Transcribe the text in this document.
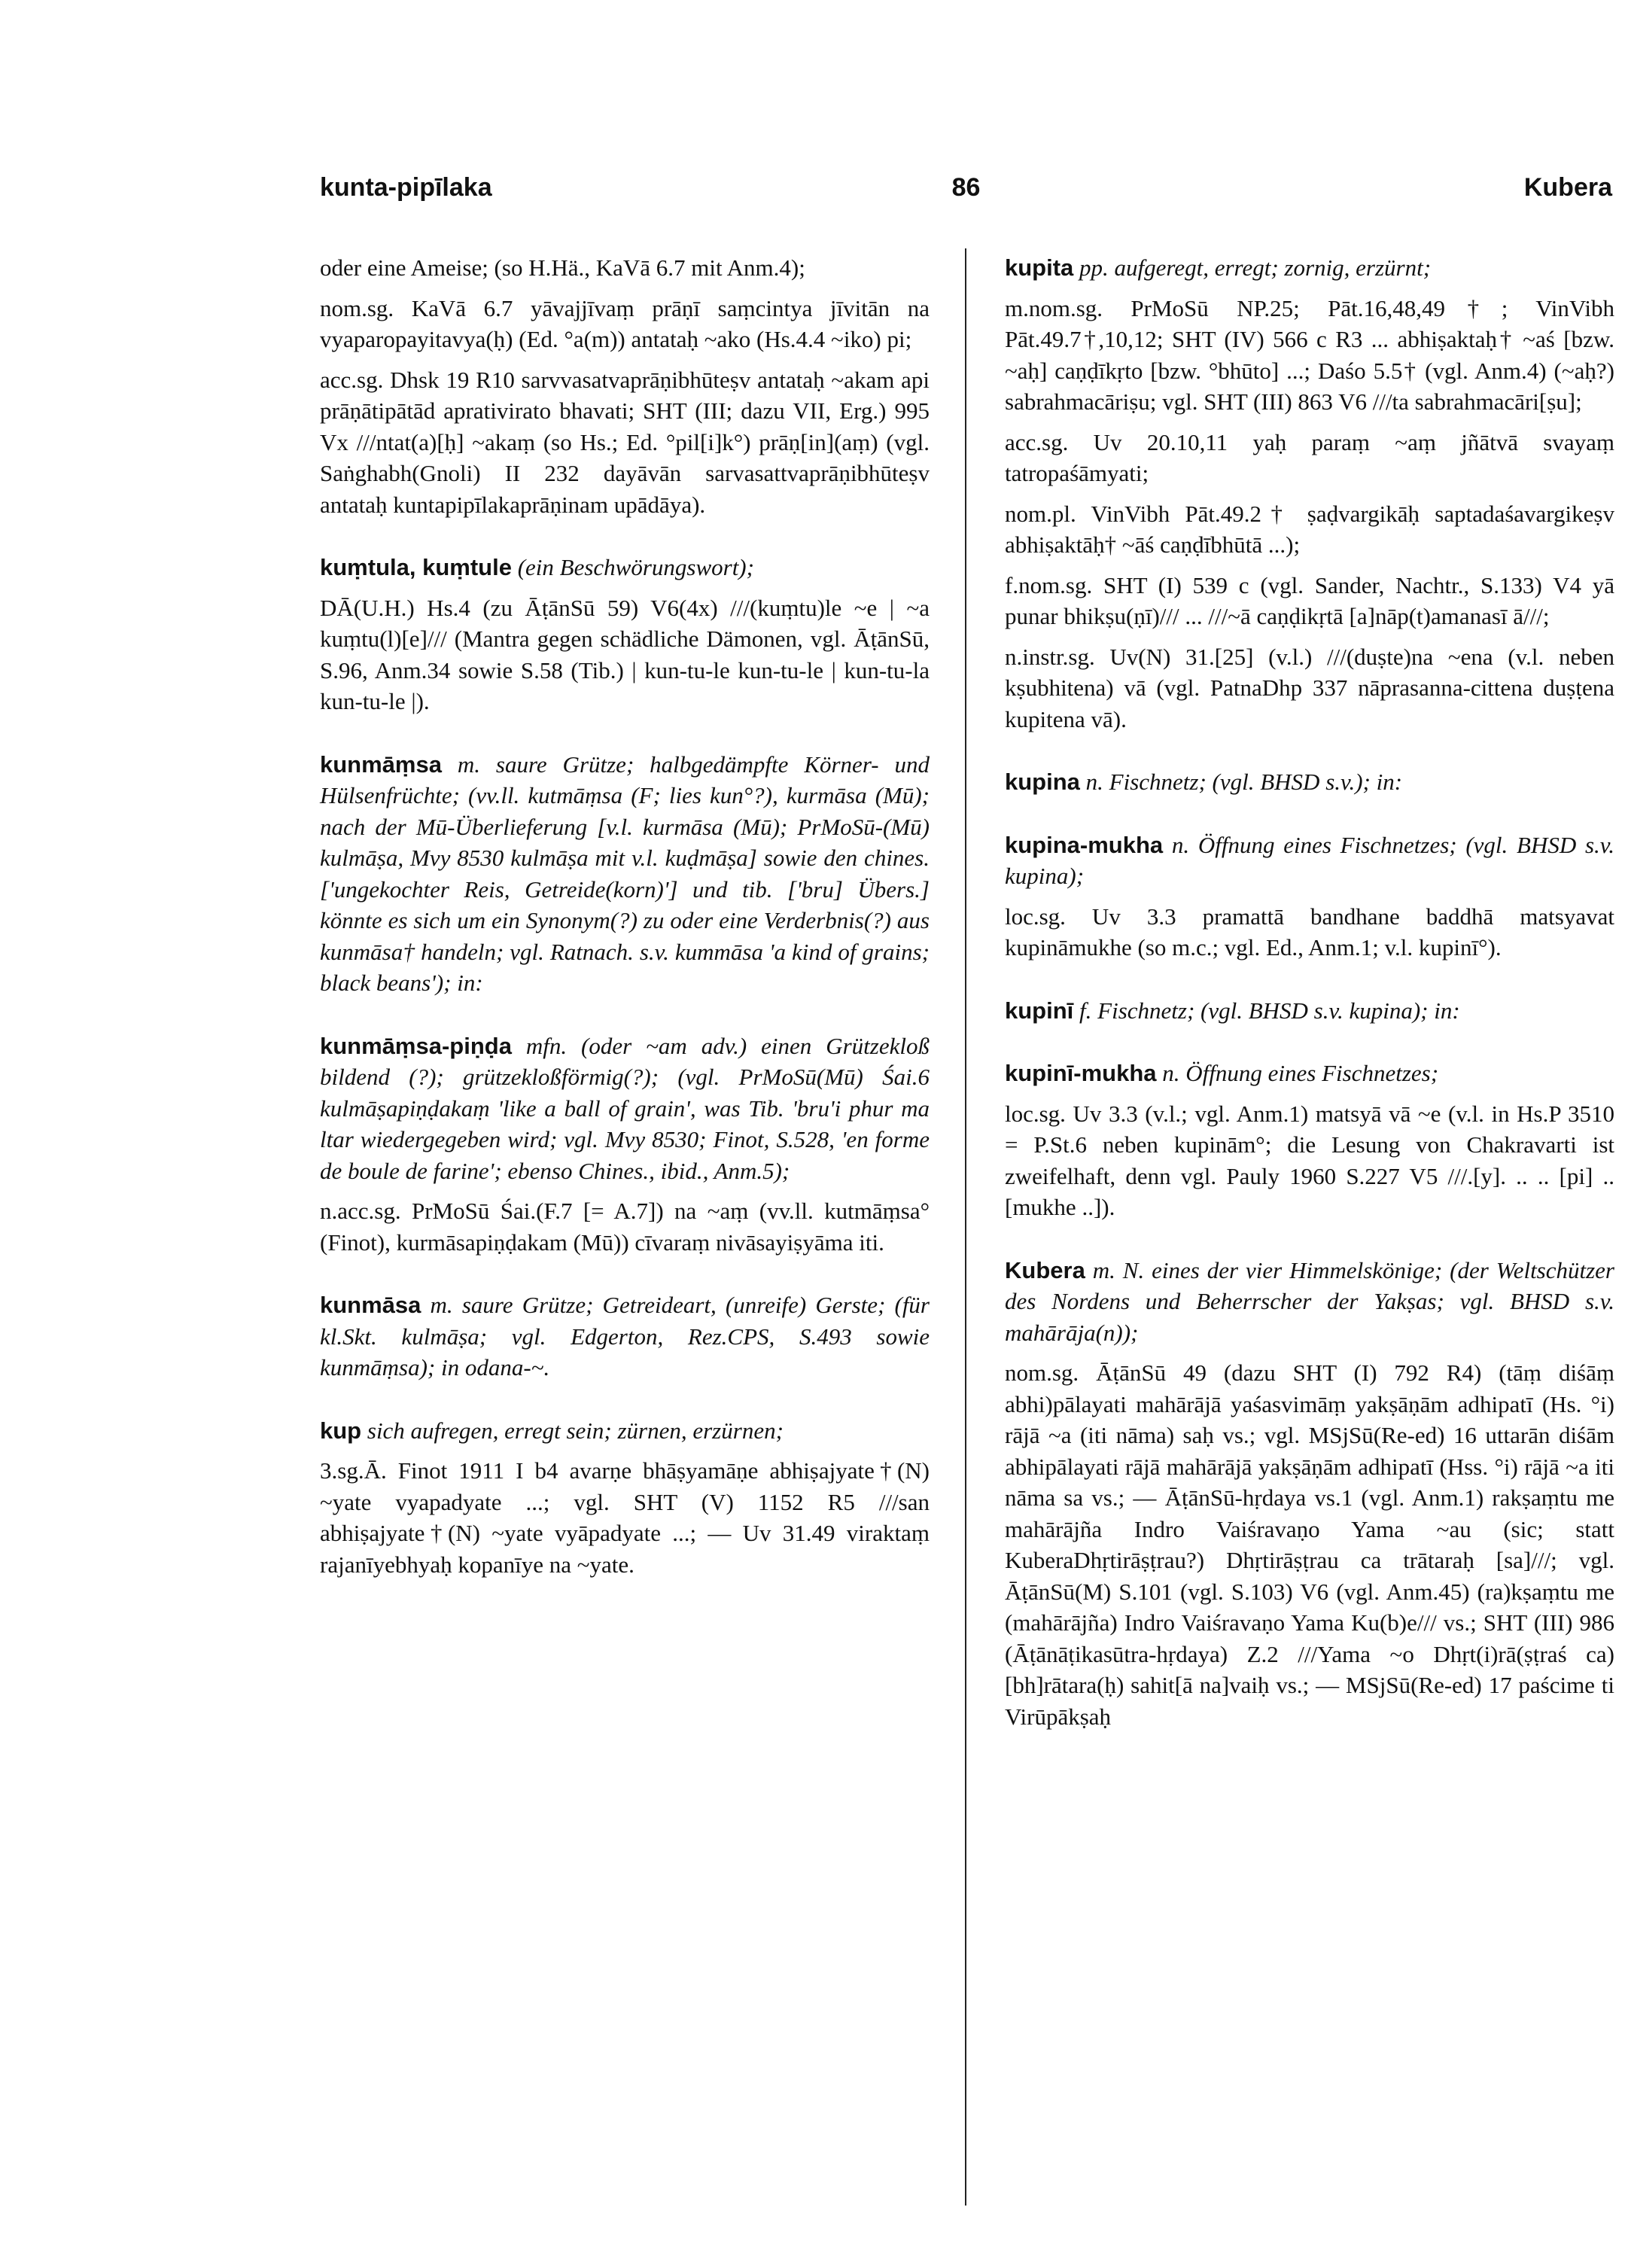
kunta-pipīlaka	86	Kubera

oder eine Ameise; (so H.Hä., KaVā 6.7 mit Anm.4);

nom.sg. KaVā 6.7 yāvajjīvaṃ prāṇī saṃcintya jīvitān na vyaparopayitavya(ḥ) (Ed. °a(m)) antataḥ ~ako (Hs.4.4 ~iko) pi;

acc.sg. Dhsk 19 R10 sarvvasatvaprāṇibhūteṣv antataḥ ~akam api prāṇātipātād aprativirato bhavati; SHT (III; dazu VII, Erg.) 995 Vx ///ntat(a)[ḥ] ~akaṃ (so Hs.; Ed. °pil[i]k°) prāṇ[in](aṃ) (vgl. Saṅghabh(Gnoli) II 232 dayāvān sarvasattvaprāṇibhūteṣv antataḥ kuntapipīlakaprāṇinam upādāya).

kuṃtula, kuṃtule (ein Beschwörungswort);

DĀ(U.H.) Hs.4 (zu ĀṭānSū 59) V6(4x) ///(kuṃtu)le ~e | ~a kuṃtu(l)[e]/// (Mantra gegen schädliche Dämonen, vgl. ĀṭānSū, S.96, Anm.34 sowie S.58 (Tib.) | kun-tu-le kun-tu-le | kun-tu-la kun-tu-le |).

kunmāṃsa m. saure Grütze; halbgedämpfte Körner- und Hülsenfrüchte; (vv.ll. kutmāṃsa (F; lies kun°?), kurmāsa (Mū); nach der Mū-Überlieferung [v.l. kurmāsa (Mū); PrMoSū-(Mū) kulmāṣa, Mvy 8530 kulmāṣa mit v.l. kuḍmāṣa] sowie den chines. ['ungekochter Reis, Getreide(korn)'] und tib. ['bru] Übers.] könnte es sich um ein Synonym(?) zu oder eine Verderbnis(?) aus kunmāsa† handeln; vgl. Ratnach. s.v. kummāsa 'a kind of grains; black beans'); in:

kunmāṃsa-piṇḍa mfn. (oder ~am adv.) einen Grützekloß bildend (?); grützekloßförmig(?); (vgl. PrMoSū(Mū) Śai.6 kulmāṣapiṇḍakaṃ 'like a ball of grain', was Tib. 'bru'i phur ma ltar wiedergegeben wird; vgl. Mvy 8530; Finot, S.528, 'en forme de boule de farine'; ebenso Chines., ibid., Anm.5);

n.acc.sg. PrMoSū Śai.(F.7 [= A.7]) na ~aṃ (vv.ll. kutmāṃsa° (Finot), kurmāsapiṇḍakam (Mū)) cīvaraṃ nivāsayiṣyāma iti.

kunmāsa m. saure Grütze; Getreideart, (unreife) Gerste; (für kl.Skt. kulmāṣa; vgl. Edgerton, Rez.CPS, S.493 sowie kunmāṃsa); in odana-~.

kup sich aufregen, erregt sein; zürnen, erzürnen;

3.sg.Ā. Finot 1911 I b4 avarṇe bhāṣyamāṇe abhiṣajyate†(N) ~yate vyapadyate ...; vgl. SHT (V) 1152 R5 ///san abhiṣajyate†(N) ~yate vyāpadyate ...; — Uv 31.49 viraktaṃ rajanīyebhyaḥ kopanīye na ~yate.

kupita pp. aufgeregt, erregt; zornig, erzürnt;

m.nom.sg. PrMoSū NP.25; Pāt.16,48,49†; VinVibh Pāt.49.7†,10,12; SHT (IV) 566 c R3 ... abhiṣaktaḥ† ~aś [bzw. ~aḥ] caṇḍīkṛto [bzw. °bhūto] ...; Daśo 5.5† (vgl. Anm.4) (~aḥ?) sabrahmacāriṣu; vgl. SHT (III) 863 V6 ///ta sabrahmacāri[ṣu];

acc.sg. Uv 20.10,11 yaḥ paraṃ ~aṃ jñātvā svayaṃ tatropaśāmyati;

nom.pl. VinVibh Pāt.49.2† ṣaḍvargikāḥ saptadaśavargikeṣv abhiṣaktāḥ† ~āś caṇḍībhūtā ...);

f.nom.sg. SHT (I) 539 c (vgl. Sander, Nachtr., S.133) V4 yā punar bhikṣu(ṇī)/// ... ///~ā caṇḍikṛtā [a]nāp(t)amanasī ā///;

n.instr.sg. Uv(N) 31.[25] (v.l.) ///(duṣte)na ~ena (v.l. neben kṣubhitena) vā (vgl. PatnaDhp 337 nāprasanna-cittena duṣṭena kupitena vā).

kupina n. Fischnetz; (vgl. BHSD s.v.); in:

kupina-mukha n. Öffnung eines Fischnetzes; (vgl. BHSD s.v. kupina);

loc.sg. Uv 3.3 pramattā bandhane baddhā matsyavat kupināmukhe (so m.c.; vgl. Ed., Anm.1; v.l. kupinī°).

kupinī f. Fischnetz; (vgl. BHSD s.v. kupina); in:

kupinī-mukha n. Öffnung eines Fischnetzes;

loc.sg. Uv 3.3 (v.l.; vgl. Anm.1) matsyā vā ~e (v.l. in Hs.P 3510 = P.St.6 neben kupinām°; die Lesung von Chakravarti ist zweifelhaft, denn vgl. Pauly 1960 S.227 V5 ///.[y]. .. .. [pi] .. [mukhe ..]).

Kubera m. N. eines der vier Himmelskönige; (der Weltschützer des Nordens und Beherrscher der Yakṣas; vgl. BHSD s.v. mahārāja(n));

nom.sg. ĀṭānSū 49 (dazu SHT (I) 792 R4) (tāṃ diśāṃ abhi)pālayati mahārājā yaśasvimāṃ yakṣāṇām adhipatī (Hs. °i) rājā ~a (iti nāma) saḥ vs.; vgl. MSjSū(Re-ed) 16 uttarān diśām abhipālayati rājā mahārājā yakṣāṇām adhipatī (Hss. °i) rājā ~a iti nāma sa vs.; — ĀṭānSū-hṛdaya vs.1 (vgl. Anm.1) rakṣaṃtu me mahārājña Indro Vaiśravaṇo Yama ~au (sic; statt KuberaDhṛtirāṣṭrau?) Dhṛtirāṣṭrau ca trātaraḥ [sa]///; vgl. ĀṭānSū(M) S.101 (vgl. S.103) V6 (vgl. Anm.45) (ra)kṣaṃtu me (mahārājña) Indro Vaiśravaṇo Yama Ku(b)e/// vs.; SHT (III) 986 (Āṭānāṭikasūtra-hṛdaya) Z.2 ///Yama ~o Dhṛt(i)rā(ṣṭraś ca) [bh]rātara(ḥ) sahit[ā na]vaiḥ vs.; — MSjSū(Re-ed) 17 paścime ti Virūpākṣaḥ
